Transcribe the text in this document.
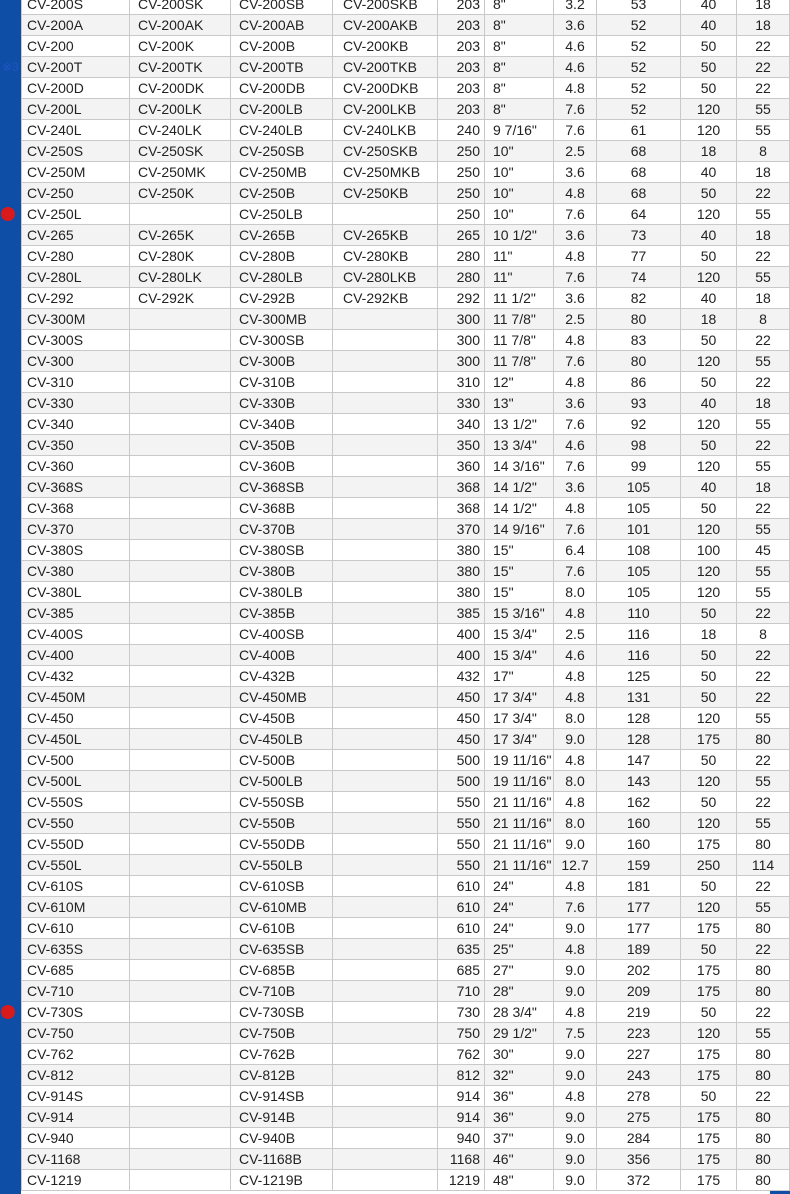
CV-200S	CV-200SK	CV-200SB	CV-200SKB	203	8"	3.2	53	40	18
CV-200A	CV-200AK	CV-200AB	CV-200AKB	203	8"	3.6	52	40	18
CV-200	CV-200K	CV-200B	CV-200KB	203	8"	4.6	52	50	22

※3 CV-200T	CV-200TK	CV-200TB	CV-200TKB	203	8"	4.6	52	50	22
CV-200D	CV-200DK	CV-200DB	CV-200DKB	203	8"	4.8	52	50	22
CV-200L	CV-200LK	CV-200LB	CV-200LKB	203	8"	7.6	52	120	55
CV-240L	CV-240LK	CV-240LB	CV-240LKB	240	9 7/16"	7.6	61	120	55
CV-250S	CV-250SK	CV-250SB	CV-250SKB	250	10"	2.5	68	18	8
CV-250M	CV-250MK	CV-250MB	CV-250MKB	250	10"	3.6	68	40	18
CV-250	CV-250K	CV-250B	CV-250KB	250	10"	4.8	68	50	22

CV-250L		CV-250LB		250	10"	7.6	64	120	55
CV-265	CV-265K	CV-265B	CV-265KB	265	10 1/2"	3.6	73	40	18
CV-280	CV-280K	CV-280B	CV-280KB	280	11"	4.8	77	50	22
CV-280L	CV-280LK	CV-280LB	CV-280LKB	280	11"	7.6	74	120	55
CV-292	CV-292K	CV-292B	CV-292KB	292	11 1/2"	3.6	82	40	18
CV-300M		CV-300MB		300	11 7/8"	2.5	80	18	8
CV-300S		CV-300SB		300	11 7/8"	4.8	83	50	22
CV-300		CV-300B		300	11 7/8"	7.6	80	120	55
CV-310		CV-310B		310	12"	4.8	86	50	22
CV-330		CV-330B		330	13"	3.6	93	40	18
CV-340		CV-340B		340	13 1/2"	7.6	92	120	55
CV-350		CV-350B		350	13 3/4"	4.6	98	50	22
CV-360		CV-360B		360	14 3/16"	7.6	99	120	55
CV-368S		CV-368SB		368	14 1/2"	3.6	105	40	18
CV-368		CV-368B		368	14 1/2"	4.8	105	50	22
CV-370		CV-370B		370	14 9/16"	7.6	101	120	55
CV-380S		CV-380SB		380	15"	6.4	108	100	45
CV-380		CV-380B		380	15"	7.6	105	120	55
CV-380L		CV-380LB		380	15"	8.0	105	120	55
CV-385		CV-385B		385	15 3/16"	4.8	110	50	22
CV-400S		CV-400SB		400	15 3/4"	2.5	116	18	8
CV-400		CV-400B		400	15 3/4"	4.6	116	50	22
CV-432		CV-432B		432	17"	4.8	125	50	22
CV-450M		CV-450MB		450	17 3/4"	4.8	131	50	22
CV-450		CV-450B		450	17 3/4"	8.0	128	120	55
CV-450L		CV-450LB		450	17 3/4"	9.0	128	175	80
CV-500		CV-500B		500	19 11/16"	4.8	147	50	22
CV-500L		CV-500LB		500	19 11/16"	8.0	143	120	55
CV-550S		CV-550SB		550	21 11/16"	4.8	162	50	22
CV-550		CV-550B		550	21 11/16"	8.0	160	120	55
CV-550D		CV-550DB		550	21 11/16"	9.0	160	175	80
CV-550L		CV-550LB		550	21 11/16"	12.7	159	250	114
CV-610S		CV-610SB		610	24"	4.8	181	50	22
CV-610M		CV-610MB		610	24"	7.6	177	120	55
CV-610		CV-610B		610	24"	9.0	177	175	80
CV-635S		CV-635SB		635	25"	4.8	189	50	22
CV-685		CV-685B		685	27"	9.0	202	175	80
CV-710		CV-710B		710	28"	9.0	209	175	80

CV-730S		CV-730SB		730	28 3/4"	4.8	219	50	22
CV-750		CV-750B		750	29 1/2"	7.5	223	120	55
CV-762		CV-762B		762	30"	9.0	227	175	80
CV-812		CV-812B		812	32"	9.0	243	175	80
CV-914S		CV-914SB		914	36"	4.8	278	50	22
CV-914		CV-914B		914	36"	9.0	275	175	80
CV-940		CV-940B		940	37"	9.0	284	175	80
CV-1168		CV-1168B		1168	46"	9.0	356	175	80
CV-1219		CV-1219B		1219	48"	9.0	372	175	80
